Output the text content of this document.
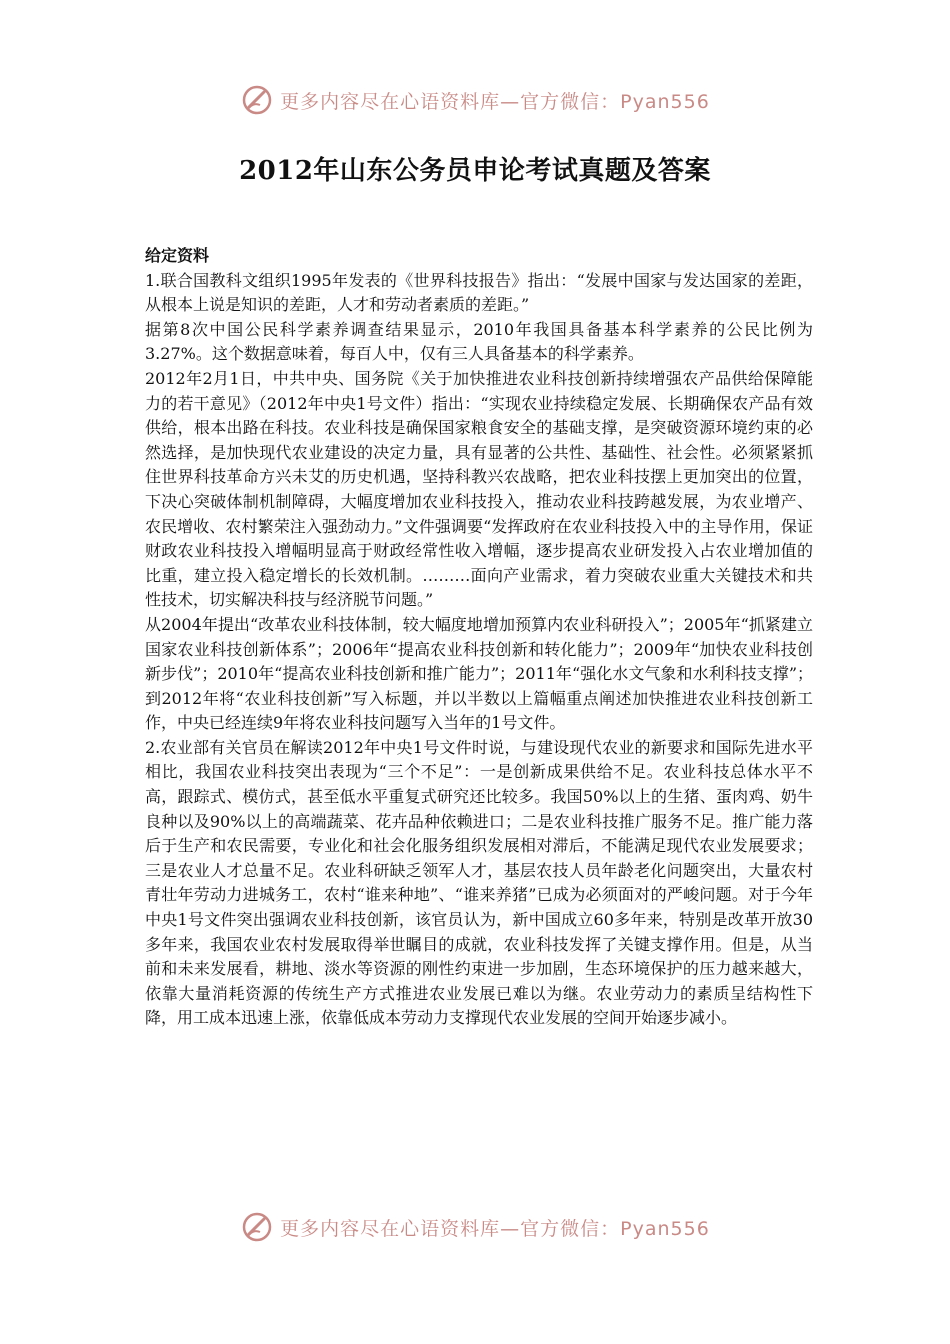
更多内容尽在心语资料库—官方微信：Pyan556
2012年山东公务员申论考试真题及答案
给定资料

1.联合国教科文组织1995年发表的《世界科技报告》指出：“发展中国家与发达国家的差距，从根本上说是知识的差距，人才和劳动者素质的差距。”

据第8次中国公民科学素养调查结果显示，2010年我国具备基本科学素养的公民比例为3.27%。这个数据意味着，每百人中，仅有三人具备基本的科学素养。

2012年2月1日，中共中央、国务院《关于加快推进农业科技创新持续增强农产品供给保障能力的若干意见》（2012年中央1号文件）指出：“实现农业持续稳定发展、长期确保农产品有效供给，根本出路在科技。农业科技是确保国家粮食安全的基础支撑，是突破资源环境约束的必然选择，是加快现代农业建设的决定力量，具有显著的公共性、基础性、社会性。必须紧紧抓住世界科技革命方兴未艾的历史机遇，坚持科教兴农战略，把农业科技摆上更加突出的位置，下决心突破体制机制障碍，大幅度增加农业科技投入，推动农业科技跨越发展，为农业增产、农民增收、农村繁荣注入强劲动力。”文件强调要“发挥政府在农业科技投入中的主导作用，保证财政农业科技投入增幅明显高于财政经常性收入增幅，逐步提高农业研发投入占农业增加值的比重，建立投入稳定增长的长效机制。………面向产业需求，着力突破农业重大关键技术和共性技术，切实解决科技与经济脱节问题。”

从2004年提出“改革农业科技体制，较大幅度地增加预算内农业科研投入”；2005年“抓紧建立国家农业科技创新体系”；2006年“提高农业科技创新和转化能力”；2009年“加快农业科技创新步伐”；2010年“提高农业科技创新和推广能力”；2011年“强化水文气象和水利科技支撑”；到2012年将“农业科技创新”写入标题，并以半数以上篇幅重点阐述加快推进农业科技创新工作，中央已经连续9年将农业科技问题写入当年的1号文件。

2.农业部有关官员在解读2012年中央1号文件时说，与建设现代农业的新要求和国际先进水平相比，我国农业科技突出表现为“三个不足”：一是创新成果供给不足。农业科技总体水平不高，跟踪式、模仿式，甚至低水平重复式研究还比较多。我国50%以上的生猪、蛋肉鸡、奶牛良种以及90%以上的高端蔬菜、花卉品种依赖进口；二是农业科技推广服务不足。推广能力落后于生产和农民需要，专业化和社会化服务组织发展相对滞后，不能满足现代农业发展要求；三是农业人才总量不足。农业科研缺乏领军人才，基层农技人员年龄老化问题突出，大量农村青壮年劳动力进城务工，农村“谁来种地”、“谁来养猪”已成为必须面对的严峻问题。对于今年中央1号文件突出强调农业科技创新，该官员认为，新中国成立60多年来，特别是改革开放30多年来，我国农业农村发展取得举世瞩目的成就，农业科技发挥了关键支撑作用。但是，从当前和未来发展看，耕地、淡水等资源的刚性约束进一步加剧，生态环境保护的压力越来越大，依靠大量消耗资源的传统生产方式推进农业发展已难以为继。农业劳动力的素质呈结构性下降，用工成本迅速上涨，依靠低成本劳动力支撑现代农业发展的空间开始逐步减小。

更多内容尽在心语资料库—官方微信：Pyan556
